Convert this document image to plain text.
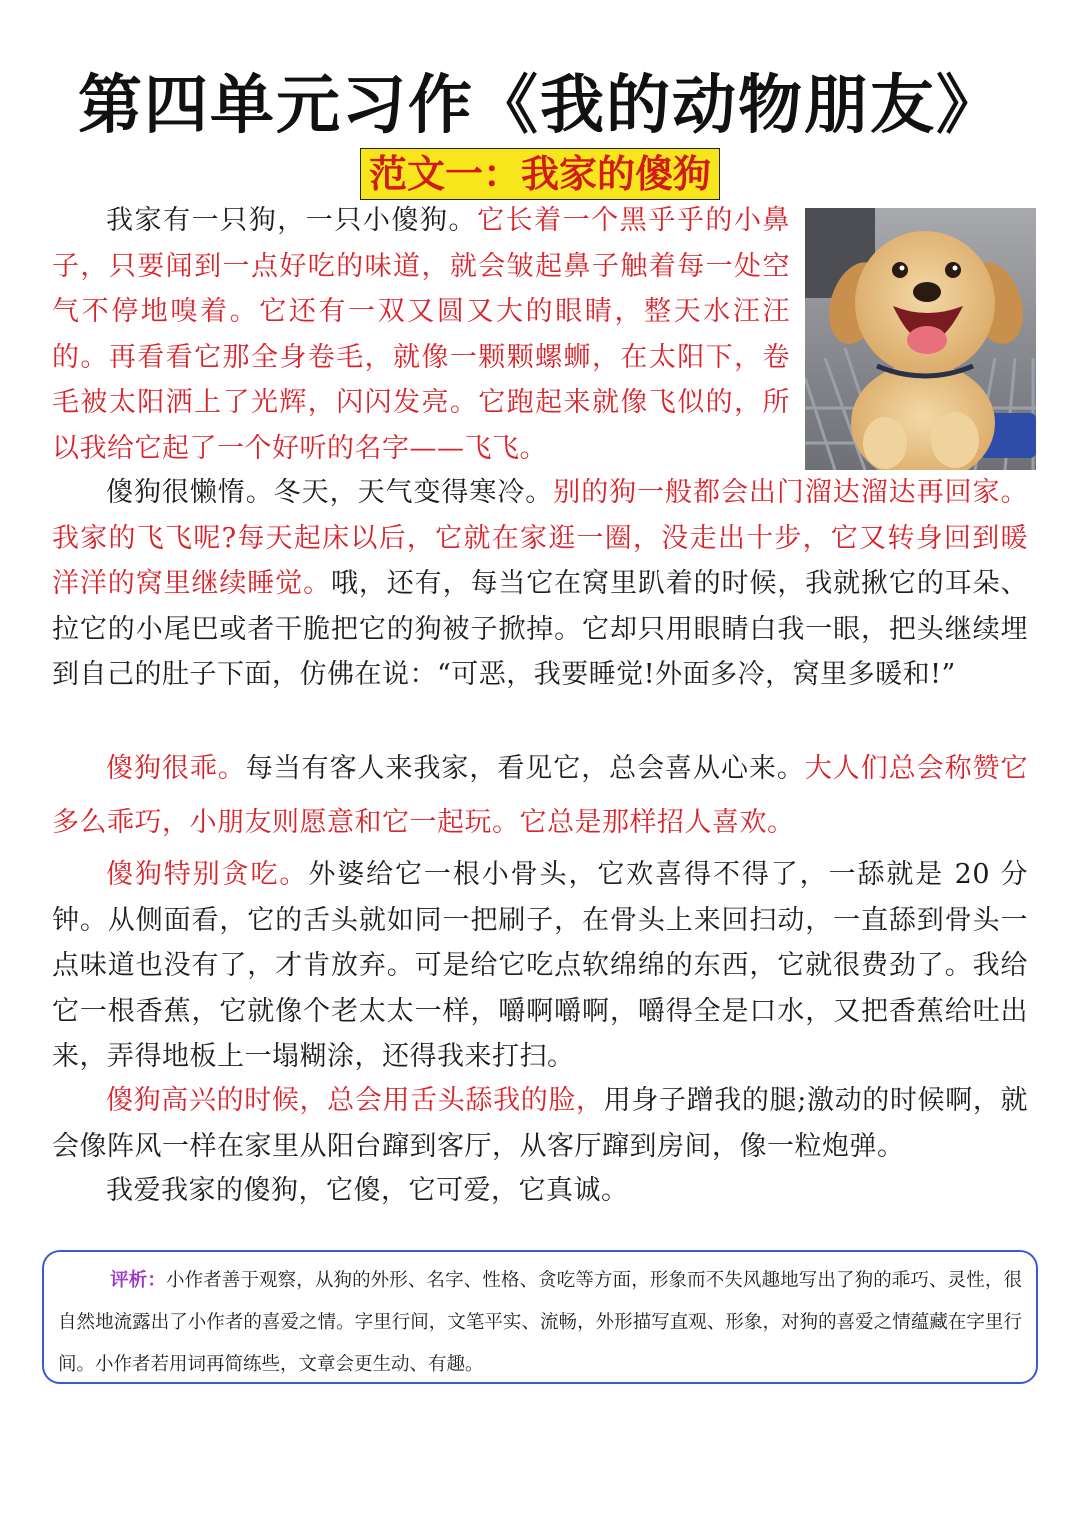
第四单元习作《我的动物朋友》
范文一：我家的傻狗

我家有一只狗，一只小傻狗。它长着一个黑乎乎的小鼻子，只要闻到一点好吃的味道，就会皱起鼻子触着每一处空气不停地嗅着。它还有一双又圆又大的眼睛，整天水汪汪的。再看看它那全身卷毛，就像一颗颗螺蛳，在太阳下，卷毛被太阳洒上了光辉，闪闪发亮。它跑起来就像飞似的，所以我给它起了一个好听的名字——飞飞。

傻狗很懒惰。冬天，天气变得寒冷。别的狗一般都会出门溜达溜达再回家。我家的飞飞呢?每天起床以后，它就在家逛一圈，没走出十步，它又转身回到暖洋洋的窝里继续睡觉。哦，还有，每当它在窝里趴着的时候，我就揪它的耳朵、拉它的小尾巴或者干脆把它的狗被子掀掉。它却只用眼睛白我一眼，把头继续埋到自己的肚子下面，仿佛在说：“可恶，我要睡觉!外面多冷，窝里多暖和!”

傻狗很乖。每当有客人来我家，看见它，总会喜从心来。大人们总会称赞它多么乖巧，小朋友则愿意和它一起玩。它总是那样招人喜欢。

傻狗特别贪吃。外婆给它一根小骨头，它欢喜得不得了，一舔就是 20 分钟。从侧面看，它的舌头就如同一把刷子，在骨头上来回扫动，一直舔到骨头一点味道也没有了，才肯放弃。可是给它吃点软绵绵的东西，它就很费劲了。我给它一根香蕉，它就像个老太太一样，嚼啊嚼啊，嚼得全是口水，又把香蕉给吐出来，弄得地板上一塌糊涂，还得我来打扫。

傻狗高兴的时候，总会用舌头舔我的脸，用身子蹭我的腿;激动的时候啊，就会像阵风一样在家里从阳台蹿到客厅，从客厅蹿到房间，像一粒炮弹。

我爱我家的傻狗，它傻，它可爱，它真诚。

评析：小作者善于观察，从狗的外形、名字、性格、贪吃等方面，形象而不失风趣地写出了狗的乖巧、灵性，很自然地流露出了小作者的喜爱之情。字里行间，文笔平实、流畅，外形描写直观、形象，对狗的喜爱之情蕴藏在字里行间。小作者若用词再简练些，文章会更生动、有趣。
